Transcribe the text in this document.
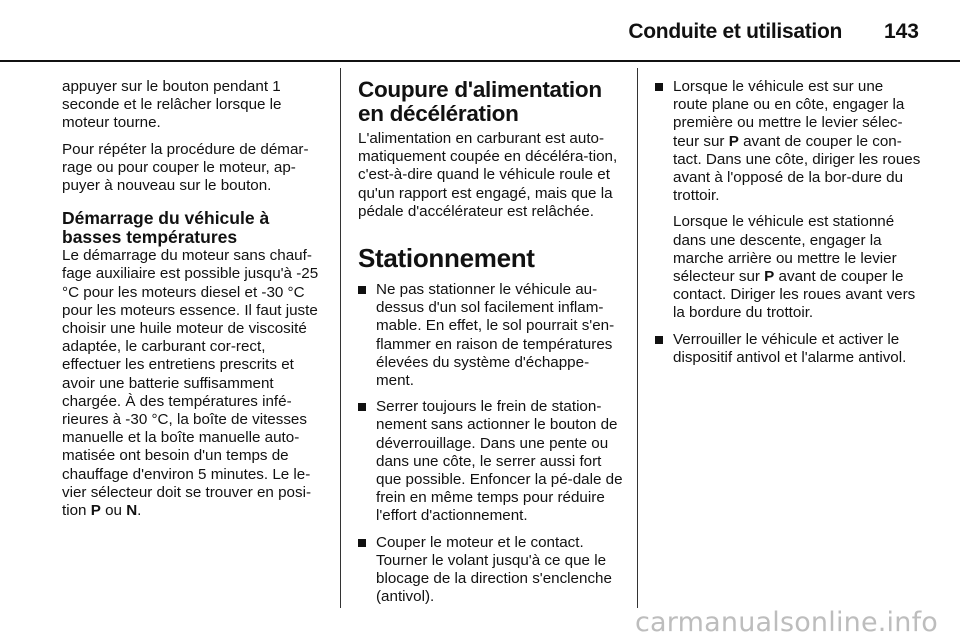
Conduite et utilisation 143

appuyer sur le bouton pendant 1 seconde et le relâcher lorsque le moteur tourne.

Pour répéter la procédure de démar-rage ou pour couper le moteur, ap-puyer à nouveau sur le bouton.

Démarrage du véhicule à basses températures

Le démarrage du moteur sans chauf-fage auxiliaire est possible jusqu'à -25 °C pour les moteurs diesel et -30 °C pour les moteurs essence. Il faut juste choisir une huile moteur de viscosité adaptée, le carburant cor-rect, effectuer les entretiens prescrits et avoir une batterie suffisamment chargée. À des températures infé-rieures à -30 °C, la boîte de vitesses manuelle et la boîte manuelle auto-matisée ont besoin d'un temps de chauffage d'environ 5 minutes. Le le-vier sélecteur doit se trouver en posi-tion P ou N.

Coupure d'alimentation en décélération

L'alimentation en carburant est auto-matiquement coupée en décéléra-tion, c'est-à-dire quand le véhicule roule et qu'un rapport est engagé, mais que la pédale d'accélérateur est relâchée.

Stationnement
Ne pas stationner le véhicule au-dessus d'un sol facilement inflam-mable. En effet, le sol pourrait s'en-flammer en raison de températures élevées du système d'échappe-ment.
Serrer toujours le frein de station-nement sans actionner le bouton de déverrouillage. Dans une pente ou dans une côte, le serrer aussi fort que possible. Enfoncer la pé-dale de frein en même temps pour réduire l'effort d'actionnement.
Couper le moteur et le contact. Tourner le volant jusqu'à ce que le blocage de la direction s'enclenche (antivol).

Lorsque le véhicule est sur une route plane ou en côte, engager la première ou mettre le levier sélec-teur sur P avant de couper le con-tact. Dans une côte, diriger les roues avant à l'opposé de la bor-dure du trottoir.

Lorsque le véhicule est stationné dans une descente, engager la marche arrière ou mettre le levier sélecteur sur P avant de couper le contact. Diriger les roues avant vers la bordure du trottoir.

Verrouiller le véhicule et activer le dispositif antivol et l'alarme antivol.
carmanualsonline.info
